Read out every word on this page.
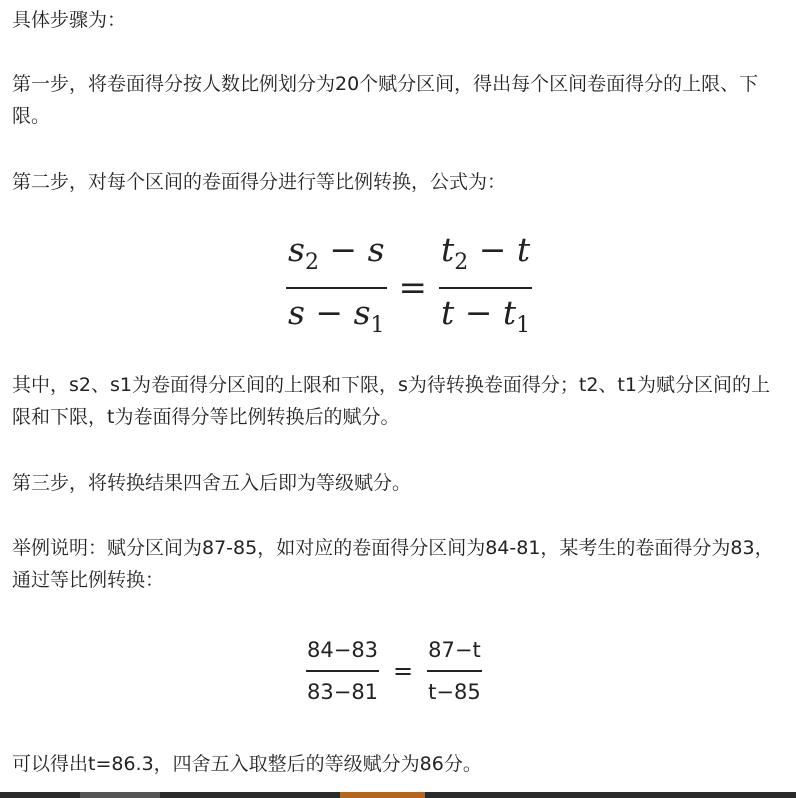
具体步骤为：

第一步，将卷面得分按人数比例划分为20个赋分区间，得出每个区间卷面得分的上限、下限。

第二步，对每个区间的卷面得分进行等比例转换，公式为：

$\frac{s_2 - s}{s - s_1} = \frac{t_2 - t}{t - t_1}$

其中，s2、s1为卷面得分区间的上限和下限，s为待转换卷面得分；t2、t1为赋分区间的上限和下限，t为卷面得分等比例转换后的赋分。

第三步，将转换结果四舍五入后即为等级赋分。

举例说明：赋分区间为87-85，如对应的卷面得分区间为84-81，某考生的卷面得分为83，通过等比例转换：

$\frac{84-83}{83-81} = \frac{87-t}{t-85}$

可以得出t=86.3，四舍五入取整后的等级赋分为86分。
